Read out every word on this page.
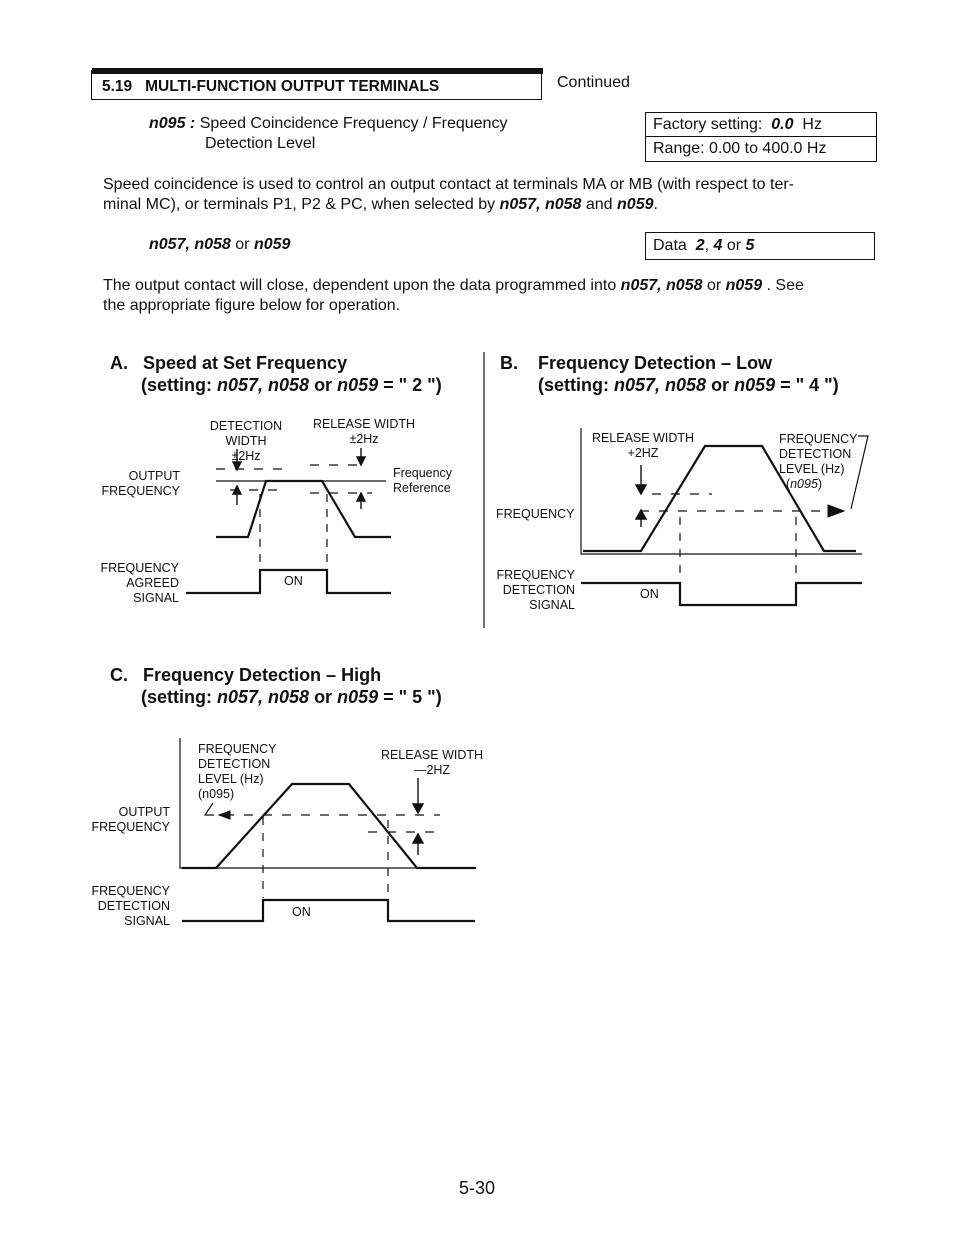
5.19 MULTI-FUNCTION OUTPUT TERMINALS	Continued
n095 : Speed Coincidence Frequency / Frequency
Detection Level
Factory setting: 0.0 Hz
Range: 0.00 to 400.0 Hz
Speed coincidence is used to control an output contact at terminals MA or MB (with respect to ter-
minal MC), or terminals P1, P2 & PC, when selected by n057, n058 and n059.
n057, n058 or n059	Data 2, 4 or 5
The output contact will close, dependent upon the data programmed into n057, n058 or n059 . See
the appropriate figure below for operation.
A. Speed at Set Frequency
(setting: n057, n058 or n059 = " 2 ")
B. Frequency Detection – Low
(setting: n057, n058 or n059 = " 4 ")
C. Frequency Detection – High
(setting: n057, n058 or n059 = " 5 ")
DETECTION WIDTH
±2Hz
RELEASE WIDTH
±2Hz
OUTPUT
FREQUENCY
Frequency
Reference
FREQUENCY
AGREED
SIGNAL
ON
RELEASE WIDTH
+2HZ
FREQUENCY
DETECTION
LEVEL (Hz)
(n095)
FREQUENCY
FREQUENCY
DETECTION
SIGNAL
ON
FREQUENCY
DETECTION
LEVEL (Hz)
(n095)
RELEASE WIDTH
—2HZ
OUTPUT
FREQUENCY
FREQUENCY
DETECTION
SIGNAL
ON
5-30
